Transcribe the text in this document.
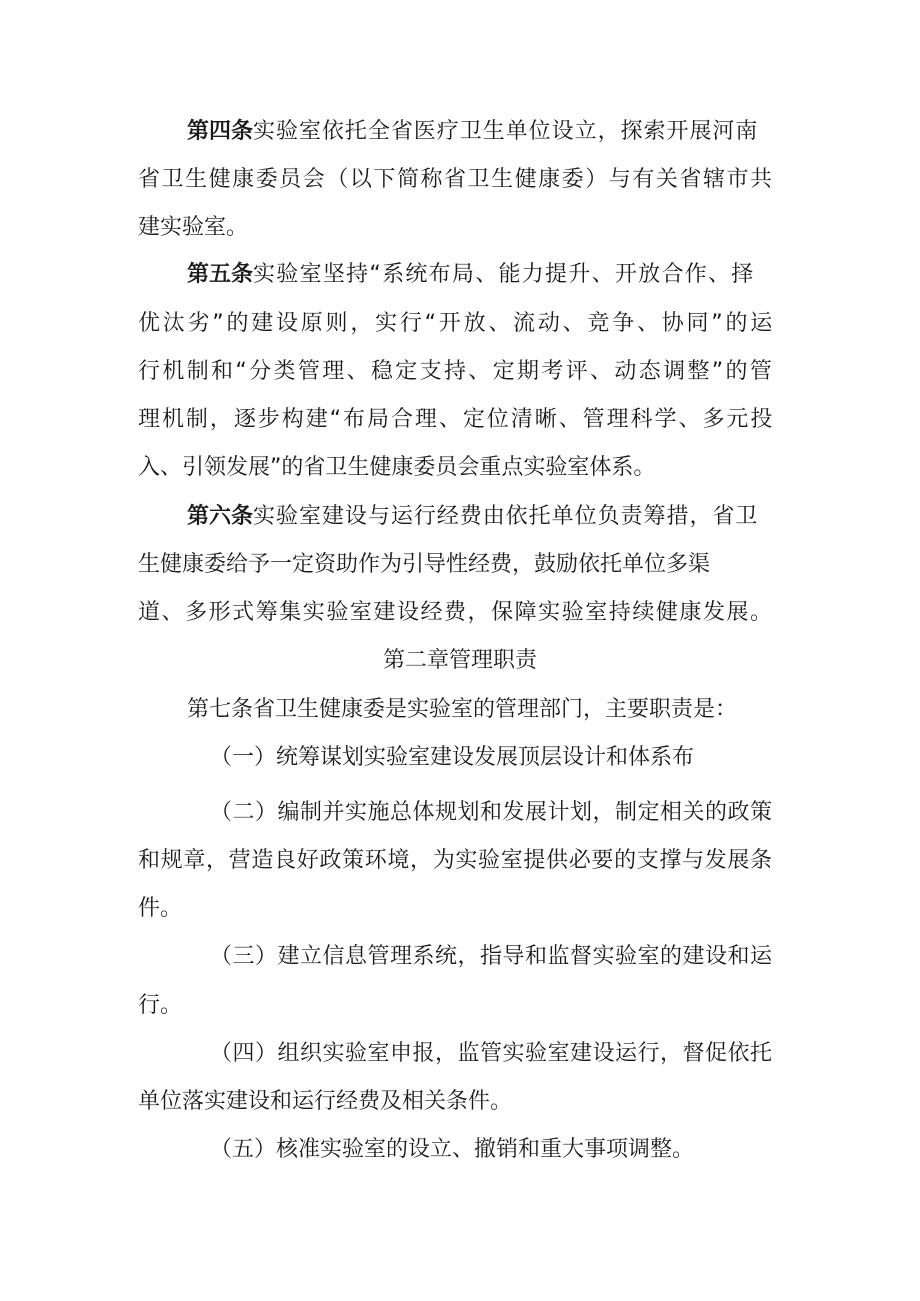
第四条实验室依托全省医疗卫生单位设立，探索开展河南
省卫生健康委员会（以下简称省卫生健康委）与有关省辖市共
建实验室。
第五条实验室坚持“系统布局、能力提升、开放合作、择
优汰劣”的建设原则，实行“开放、流动、竞争、协同”的运
行机制和“分类管理、稳定支持、定期考评、动态调整”的管
理机制，逐步构建“布局合理、定位清晰、管理科学、多元投
入、引领发展”的省卫生健康委员会重点实验室体系。
第六条实验室建设与运行经费由依托单位负责筹措，省卫
生健康委给予一定资助作为引导性经费，鼓励依托单位多渠
道、多形式筹集实验室建设经费，保障实验室持续健康发展。
第二章管理职责
第七条省卫生健康委是实验室的管理部门，主要职责是：
（一）统筹谋划实验室建设发展顶层设计和体系布
（二）编制并实施总体规划和发展计划，制定相关的政策
和规章，营造良好政策环境，为实验室提供必要的支撑与发展条
件。
（三）建立信息管理系统，指导和监督实验室的建设和运
行。
（四）组织实验室申报，监管实验室建设运行，督促依托
单位落实建设和运行经费及相关条件。
（五）核准实验室的设立、撤销和重大事项调整。
